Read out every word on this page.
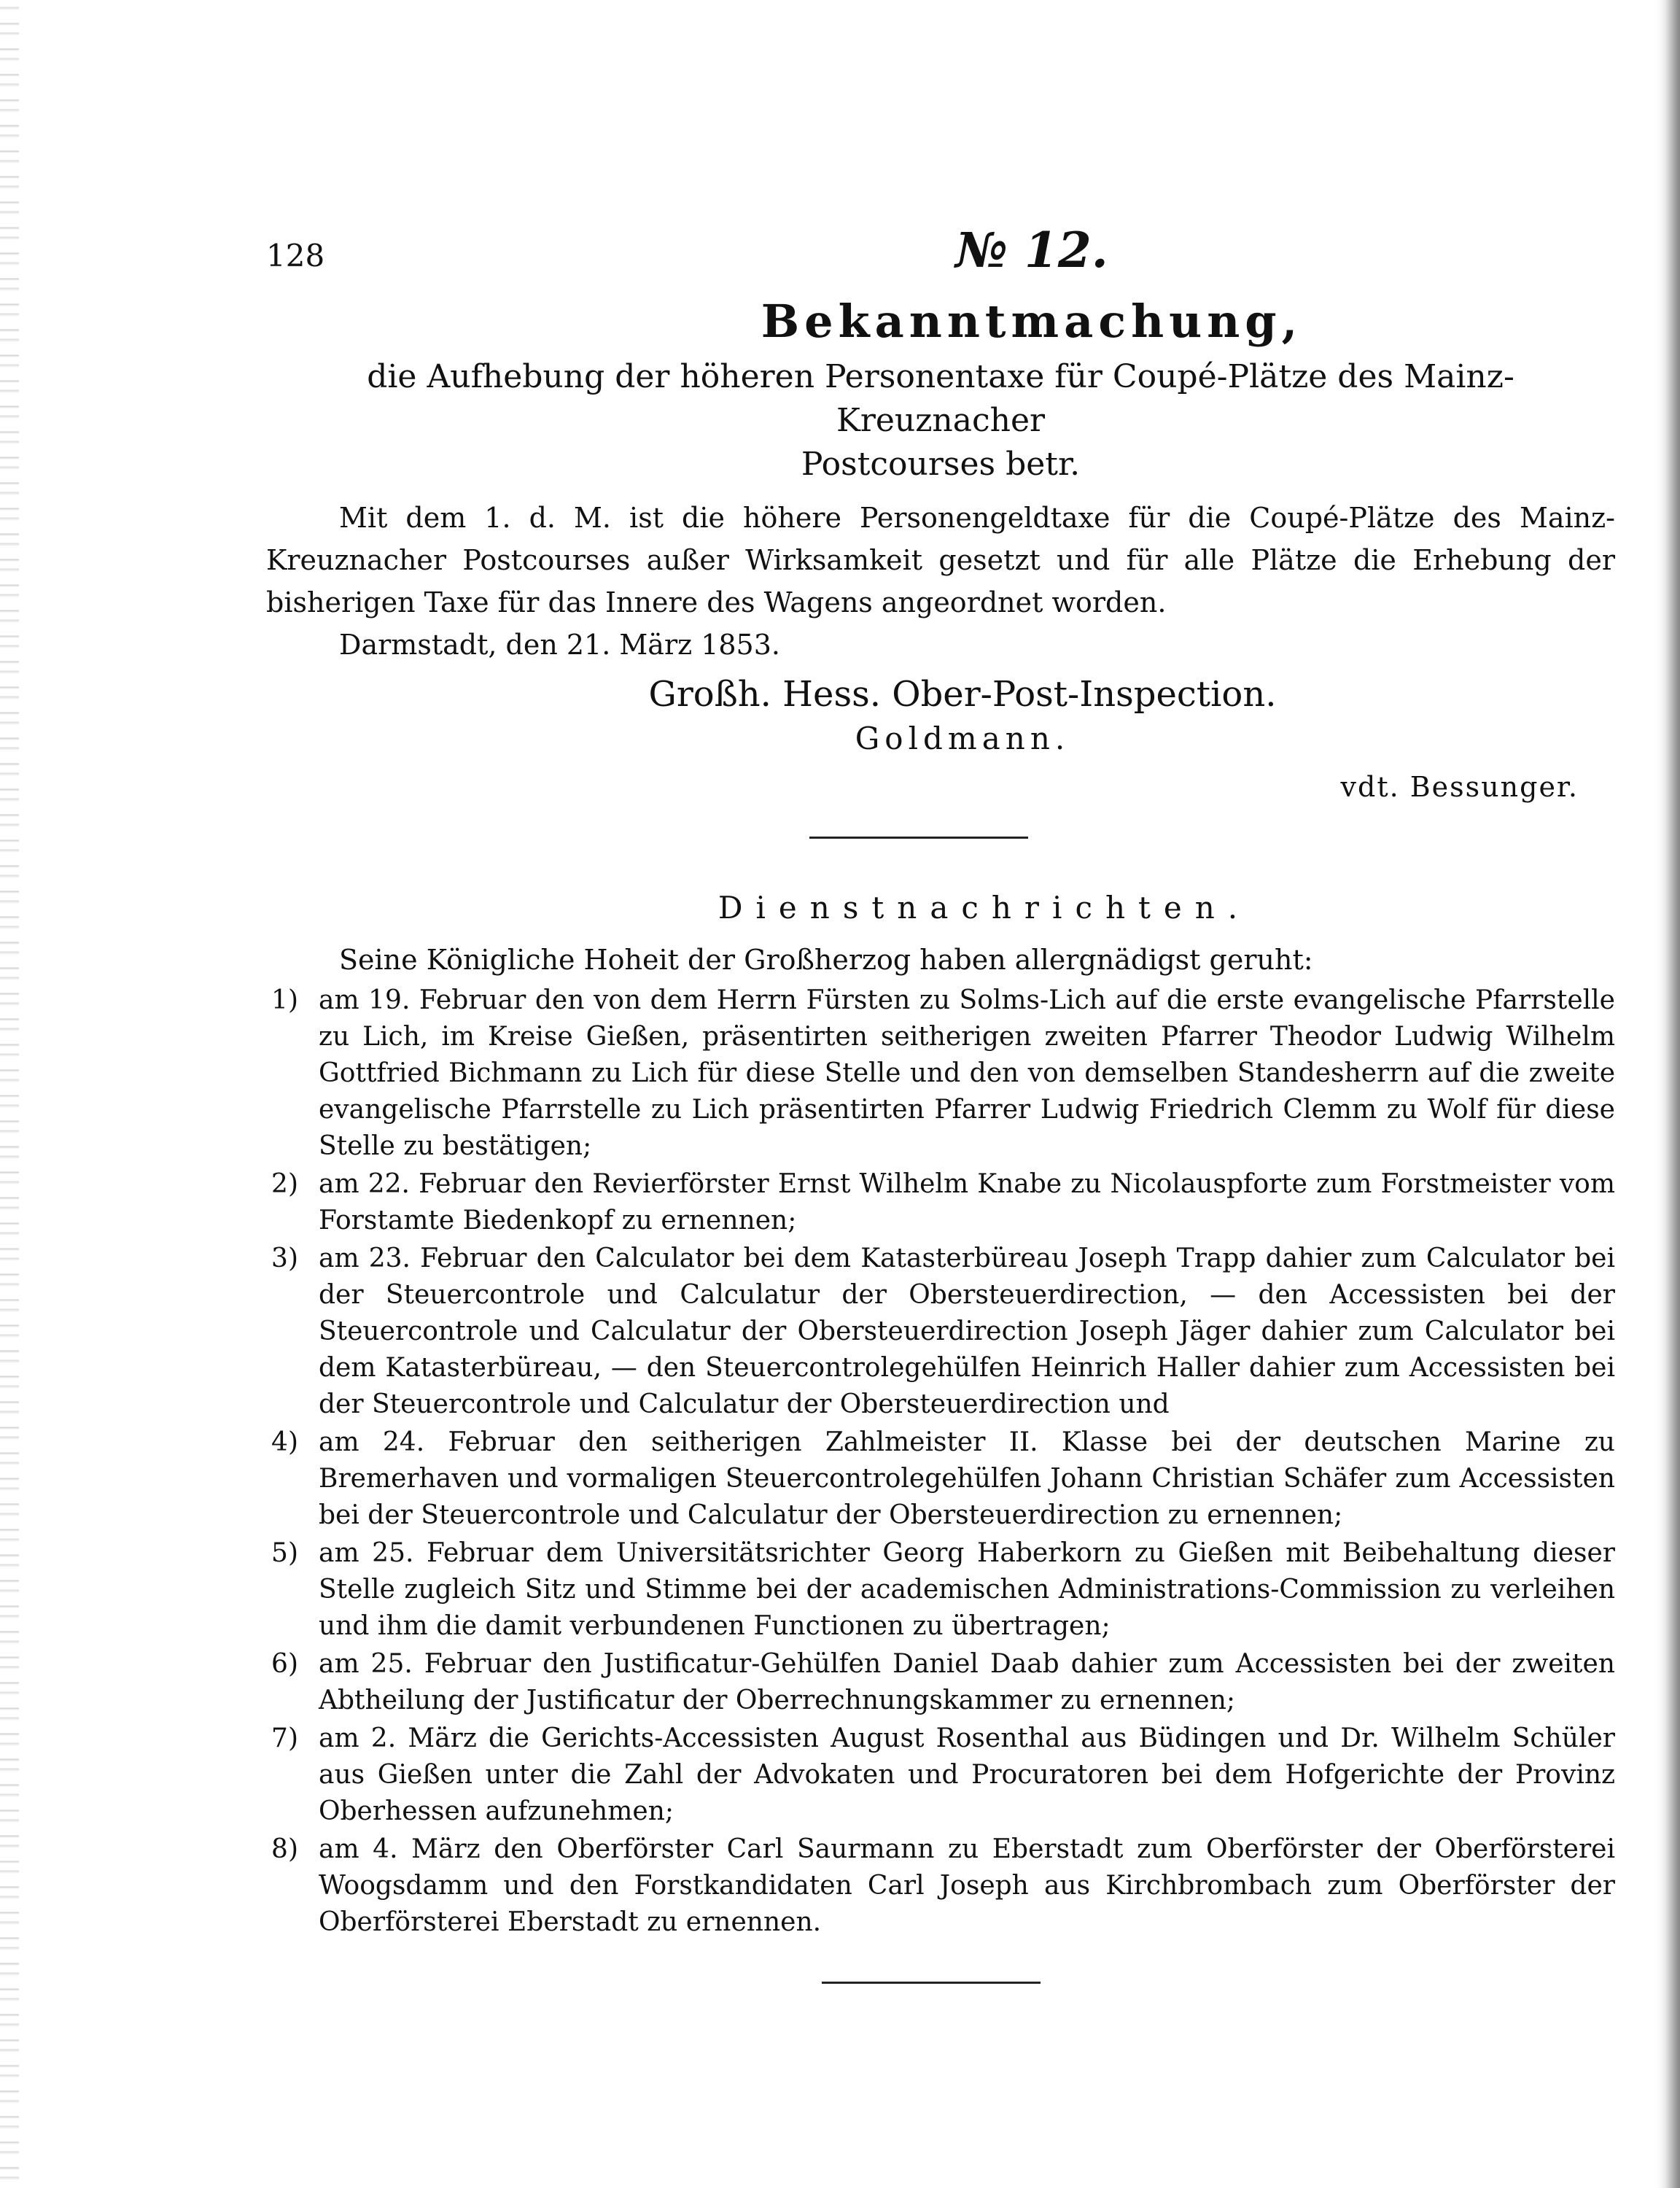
128	№ 12.
Bekanntmachung,
die Aufhebung der höheren Personentaxe für Coupé-Plätze des Mainz-Kreuznacher
Postcourses betr.
Mit dem 1. d. M. ist die höhere Personengeldtaxe für die Coupé-Plätze des Mainz-Kreuznacher Postcourses außer Wirksamkeit gesetzt und für alle Plätze die Erhebung der bisherigen Taxe für das Innere des Wagens angeordnet worden.
Darmstadt, den 21. März 1853.
Großh. Hess. Ober-Post-Inspection.
Goldmann.
vdt. Bessunger.
Dienstnachrichten.
Seine Königliche Hoheit der Großherzog haben allergnädigst geruht:
1) am 19. Februar den von dem Herrn Fürsten zu Solms-Lich auf die erste evangelische Pfarrstelle zu Lich, im Kreise Gießen, präsentirten seitherigen zweiten Pfarrer Theodor Ludwig Wilhelm Gottfried Bichmann zu Lich für diese Stelle und den von demselben Standesherrn auf die zweite evangelische Pfarrstelle zu Lich präsentirten Pfarrer Ludwig Friedrich Clemm zu Wolf für diese Stelle zu bestätigen;
2) am 22. Februar den Revierförster Ernst Wilhelm Knabe zu Nicolauspforte zum Forstmeister vom Forstamte Biedenkopf zu ernennen;
3) am 23. Februar den Calculator bei dem Katasterbüreau Joseph Trapp dahier zum Calculator bei der Steuercontrole und Calculatur der Obersteuerdirection, — den Accessisten bei der Steuercontrole und Calculatur der Obersteuerdirection Joseph Jäger dahier zum Calculator bei dem Katasterbüreau, — den Steuercontrolegehülfen Heinrich Haller dahier zum Accessisten bei der Steuercontrole und Calculatur der Obersteuerdirection und
4) am 24. Februar den seitherigen Zahlmeister II. Klasse bei der deutschen Marine zu Bremerhaven und vormaligen Steuercontrolegehülfen Johann Christian Schäfer zum Accessisten bei der Steuercontrole und Calculatur der Obersteuerdirection zu ernennen;
5) am 25. Februar dem Universitätsrichter Georg Haberkorn zu Gießen mit Beibehaltung dieser Stelle zugleich Sitz und Stimme bei der academischen Administrations-Commission zu verleihen und ihm die damit verbundenen Functionen zu übertragen;
6) am 25. Februar den Justificatur-Gehülfen Daniel Daab dahier zum Accessisten bei der zweiten Abtheilung der Justificatur der Oberrechnungskammer zu ernennen;
7) am 2. März die Gerichts-Accessisten August Rosenthal aus Büdingen und Dr. Wilhelm Schüler aus Gießen unter die Zahl der Advokaten und Procuratoren bei dem Hofgerichte der Provinz Oberhessen aufzunehmen;
8) am 4. März den Oberförster Carl Saurmann zu Eberstadt zum Oberförster der Oberförsterei Woogsdamm und den Forstkandidaten Carl Joseph aus Kirchbrombach zum Oberförster der Oberförsterei Eberstadt zu ernennen.
